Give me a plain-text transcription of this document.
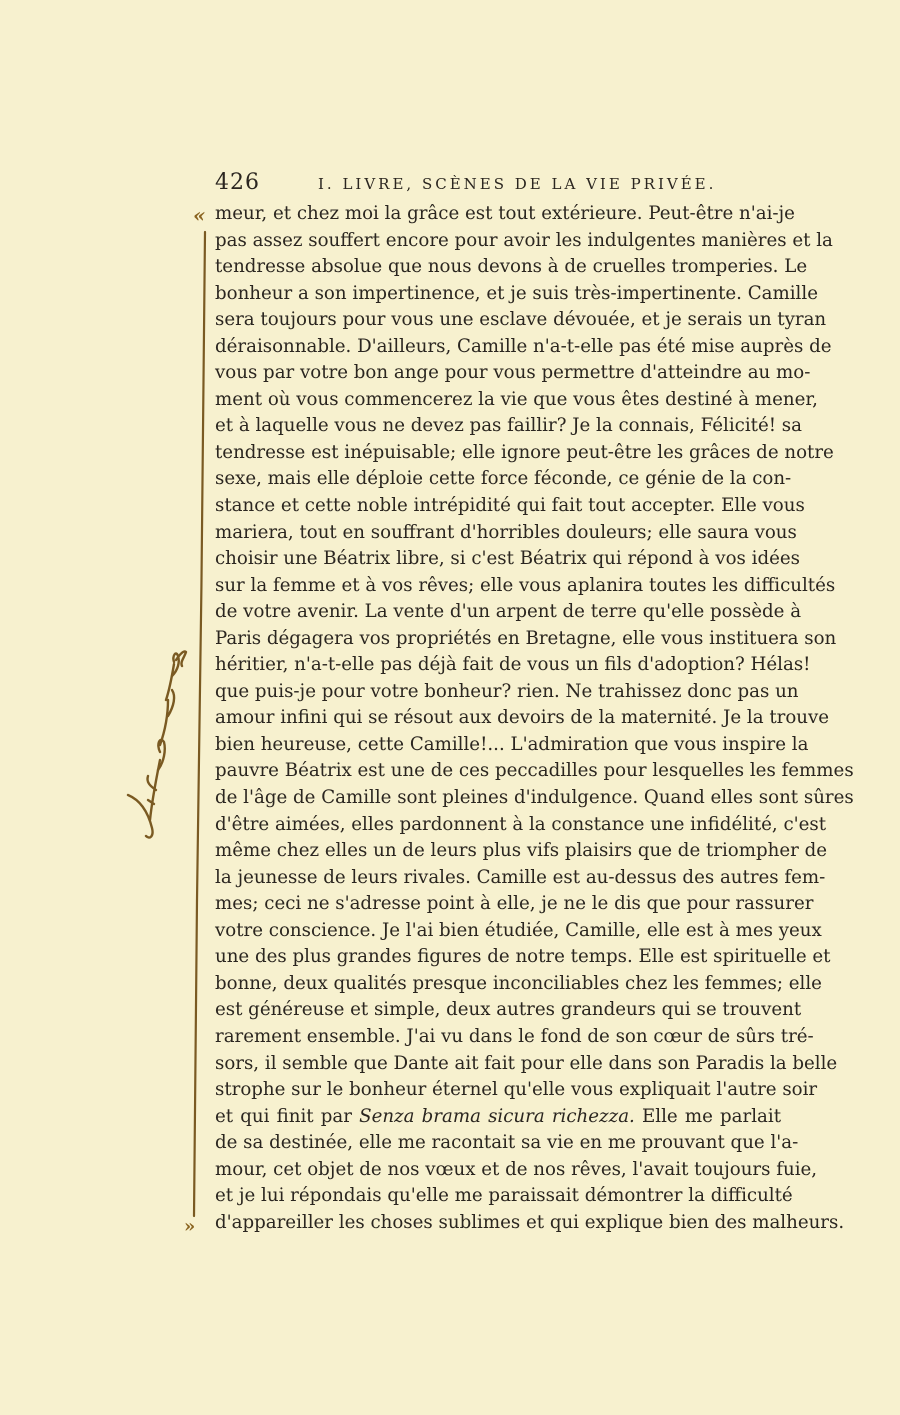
426	I. LIVRE, SCÈNES DE LA VIE PRIVÉE.
meur, et chez moi la grâce est tout extérieure. Peut-être n'ai-je
pas assez souffert encore pour avoir les indulgentes manières et la
tendresse absolue que nous devons à de cruelles tromperies. Le
bonheur a son impertinence, et je suis très-impertinente. Camille
sera toujours pour vous une esclave dévouée, et je serais un tyran
déraisonnable. D'ailleurs, Camille n'a-t-elle pas été mise auprès de
vous par votre bon ange pour vous permettre d'atteindre au mo-
ment où vous commencerez la vie que vous êtes destiné à mener,
et à laquelle vous ne devez pas faillir? Je la connais, Félicité! sa
tendresse est inépuisable; elle ignore peut-être les grâces de notre
sexe, mais elle déploie cette force féconde, ce génie de la con-
stance et cette noble intrépidité qui fait tout accepter. Elle vous
mariera, tout en souffrant d'horribles douleurs; elle saura vous
choisir une Béatrix libre, si c'est Béatrix qui répond à vos idées
sur la femme et à vos rêves; elle vous aplanira toutes les difficultés
de votre avenir. La vente d'un arpent de terre qu'elle possède à
Paris dégagera vos propriétés en Bretagne, elle vous instituera son
héritier, n'a-t-elle pas déjà fait de vous un fils d'adoption? Hélas!
que puis-je pour votre bonheur? rien. Ne trahissez donc pas un
amour infini qui se résout aux devoirs de la maternité. Je la trouve
bien heureuse, cette Camille!... L'admiration que vous inspire la
pauvre Béatrix est une de ces peccadilles pour lesquelles les femmes
de l'âge de Camille sont pleines d'indulgence. Quand elles sont sûres
d'être aimées, elles pardonnent à la constance une infidélité, c'est
même chez elles un de leurs plus vifs plaisirs que de triompher de
la jeunesse de leurs rivales. Camille est au-dessus des autres fem-
mes; ceci ne s'adresse point à elle, je ne le dis que pour rassurer
votre conscience. Je l'ai bien étudiée, Camille, elle est à mes yeux
une des plus grandes figures de notre temps. Elle est spirituelle et
bonne, deux qualités presque inconciliables chez les femmes; elle
est généreuse et simple, deux autres grandeurs qui se trouvent
rarement ensemble. J'ai vu dans le fond de son cœur de sûrs tré-
sors, il semble que Dante ait fait pour elle dans son Paradis la belle
strophe sur le bonheur éternel qu'elle vous expliquait l'autre soir
et qui finit par Senza brama sicura richezza. Elle me parlait
de sa destinée, elle me racontait sa vie en me prouvant que l'a-
mour, cet objet de nos vœux et de nos rêves, l'avait toujours fuie,
et je lui répondais qu'elle me paraissait démontrer la difficulté
d'appareiller les choses sublimes et qui explique bien des malheurs.
«
»
